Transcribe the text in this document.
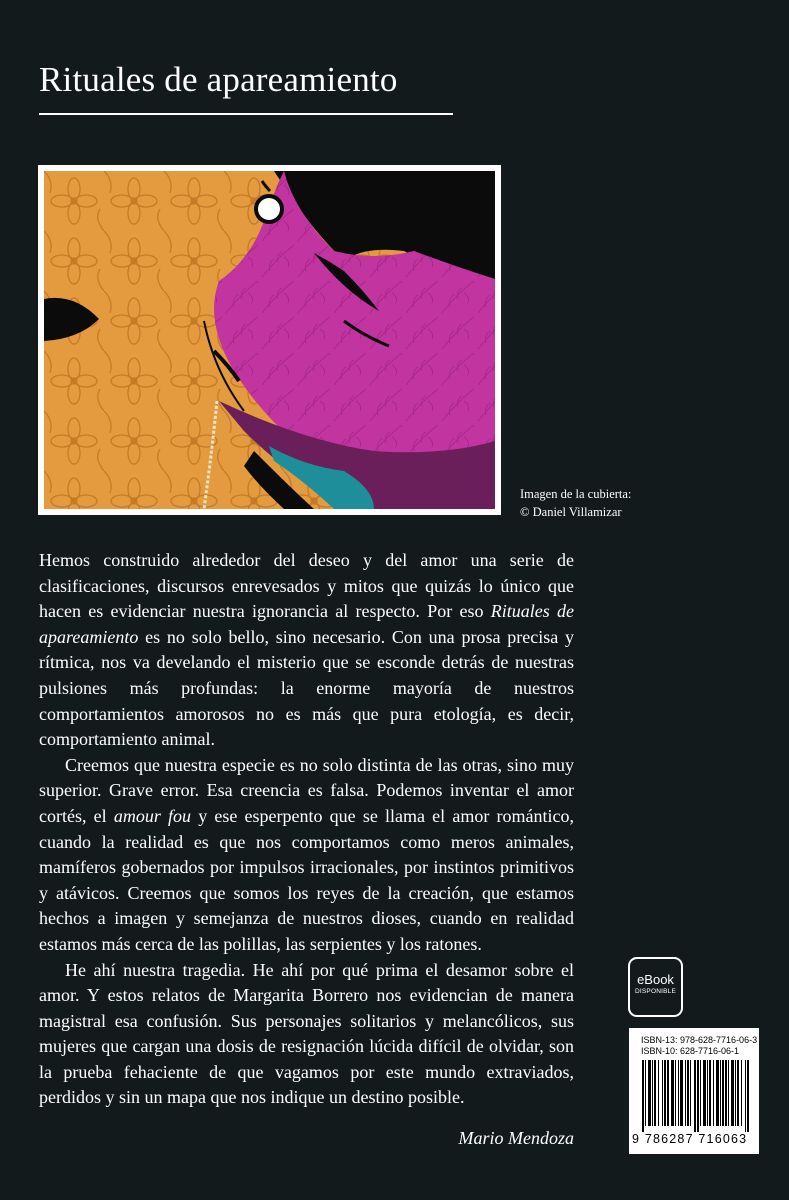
Rituales de apareamiento
Imagen de la cubierta:
© Daniel Villamizar

Hemos construido alrededor del deseo y del amor una serie de clasificaciones, discursos enrevesados y mitos que quizás lo único que hacen es evidenciar nuestra ignorancia al respecto. Por eso Rituales de apareamiento es no solo bello, sino necesario. Con una prosa precisa y rítmica, nos va develando el misterio que se esconde detrás de nuestras pulsiones más profundas: la enorme mayoría de nuestros comportamientos amorosos no es más que pura etología, es decir, comportamiento animal.

Creemos que nuestra especie es no solo distinta de las otras, sino muy superior. Grave error. Esa creencia es falsa. Podemos inventar el amor cortés, el amour fou y ese esperpento que se llama el amor romántico, cuando la realidad es que nos comportamos como meros animales, mamíferos gobernados por impulsos irracionales, por instintos primitivos y atávicos. Creemos que somos los reyes de la creación, que estamos hechos a imagen y semejanza de nuestros dioses, cuando en realidad estamos más cerca de las polillas, las serpientes y los ratones.

He ahí nuestra tragedia. He ahí por qué prima el desamor sobre el amor. Y estos relatos de Margarita Borrero nos evidencian de manera magistral esa confusión. Sus personajes solitarios y melancólicos, sus mujeres que cargan una dosis de resignación lúcida difícil de olvidar, son la prueba fehaciente de que vagamos por este mundo extraviados, perdidos y sin un mapa que nos indique un destino posible.

Mario Mendoza
eBook
DISPONIBLE
ISBN-13: 978-628-7716-06-3
ISBN-10: 628-7716-06-1
9 786287 716063
